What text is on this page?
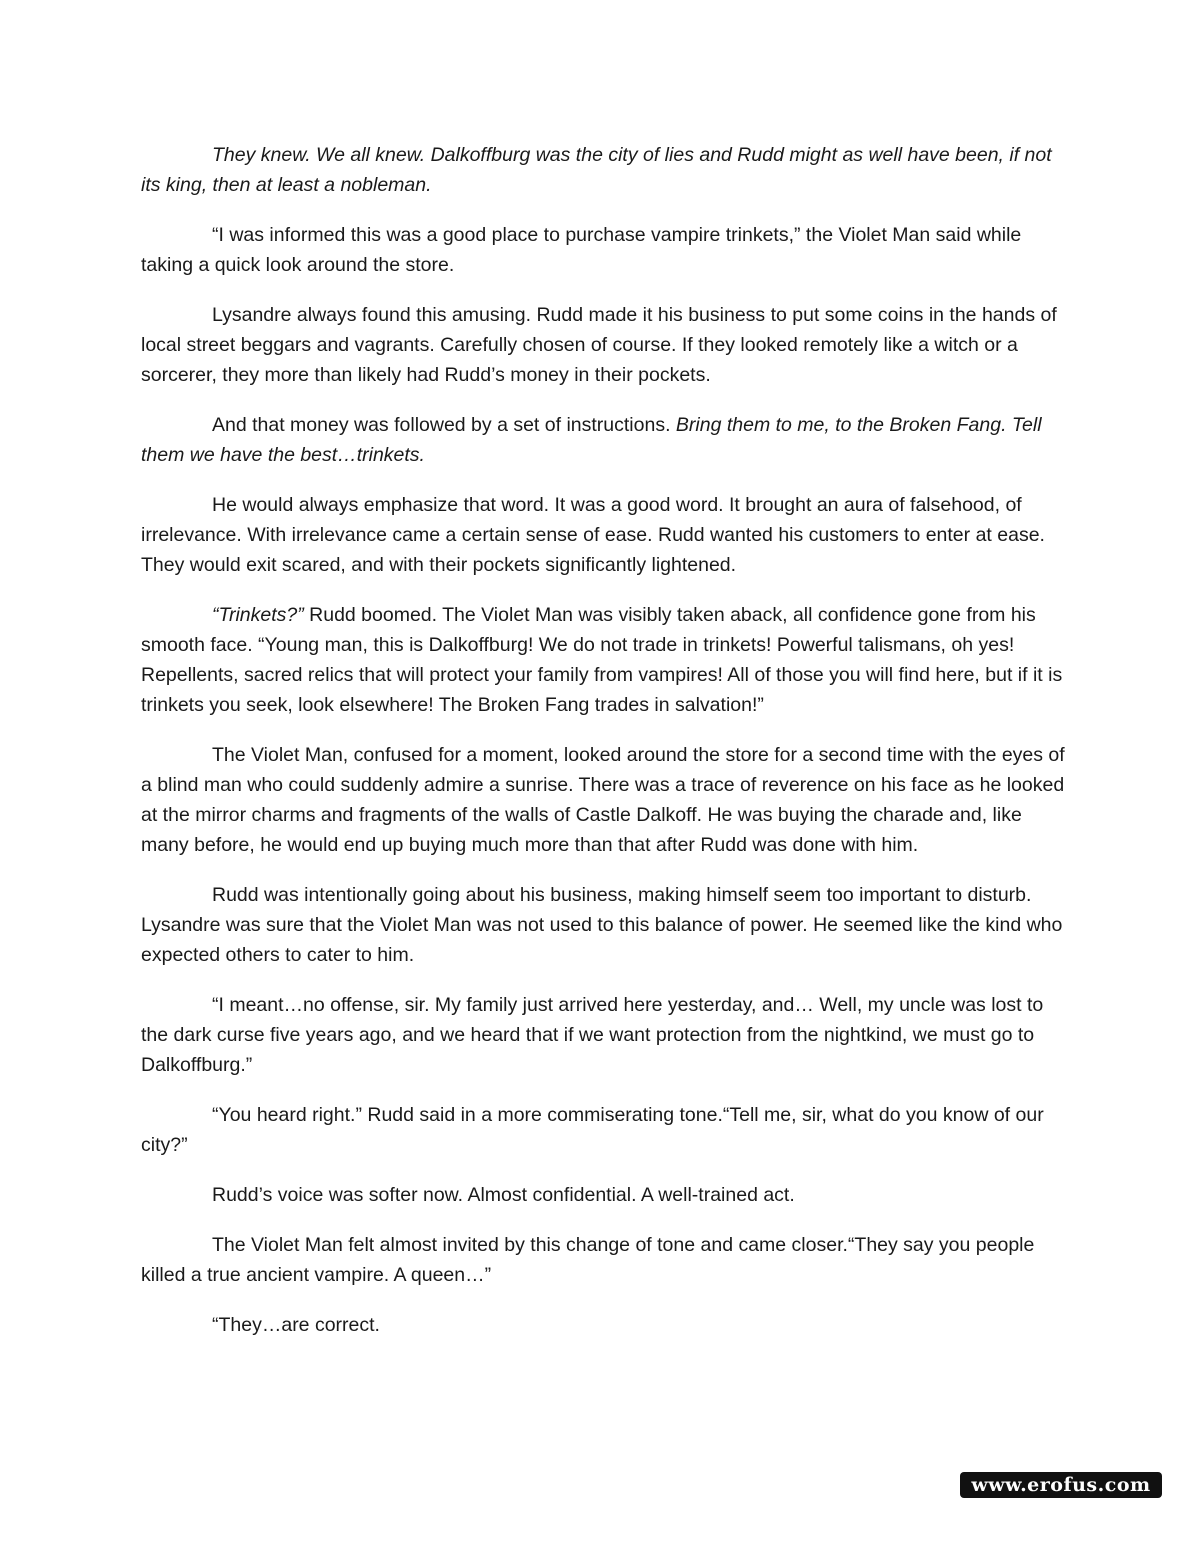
They knew. We all knew. Dalkoffburg was the city of lies and Rudd might as well have been, if not its king, then at least a nobleman.

“I was informed this was a good place to purchase vampire trinkets,” the Violet Man said while taking a quick look around the store.

Lysandre always found this amusing. Rudd made it his business to put some coins in the hands of local street beggars and vagrants. Carefully chosen of course. If they looked remotely like a witch or a sorcerer, they more than likely had Rudd’s money in their pockets.

And that money was followed by a set of instructions. Bring them to me, to the Broken Fang. Tell them we have the best…trinkets.

He would always emphasize that word. It was a good word. It brought an aura of falsehood, of irrelevance. With irrelevance came a certain sense of ease. Rudd wanted his customers to enter at ease. They would exit scared, and with their pockets significantly lightened.

“Trinkets?” Rudd boomed. The Violet Man was visibly taken aback, all confidence gone from his smooth face. “Young man, this is Dalkoffburg! We do not trade in trinkets! Powerful talismans, oh yes! Repellents, sacred relics that will protect your family from vampires! All of those you will find here, but if it is trinkets you seek, look elsewhere! The Broken Fang trades in salvation!”

The Violet Man, confused for a moment, looked around the store for a second time with the eyes of a blind man who could suddenly admire a sunrise. There was a trace of reverence on his face as he looked at the mirror charms and fragments of the walls of Castle Dalkoff. He was buying the charade and, like many before, he would end up buying much more than that after Rudd was done with him.

Rudd was intentionally going about his business, making himself seem too important to disturb. Lysandre was sure that the Violet Man was not used to this balance of power. He seemed like the kind who expected others to cater to him.

“I meant…no offense, sir. My family just arrived here yesterday, and… Well, my uncle was lost to the dark curse five years ago, and we heard that if we want protection from the nightkind, we must go to Dalkoffburg.”

“You heard right.” Rudd said in a more commiserating tone.“Tell me, sir, what do you know of our city?”

Rudd’s voice was softer now. Almost confidential. A well-trained act.

The Violet Man felt almost invited by this change of tone and came closer.“They say you people killed a true ancient vampire. A queen…”

“They…are correct.

www.erofus.com
